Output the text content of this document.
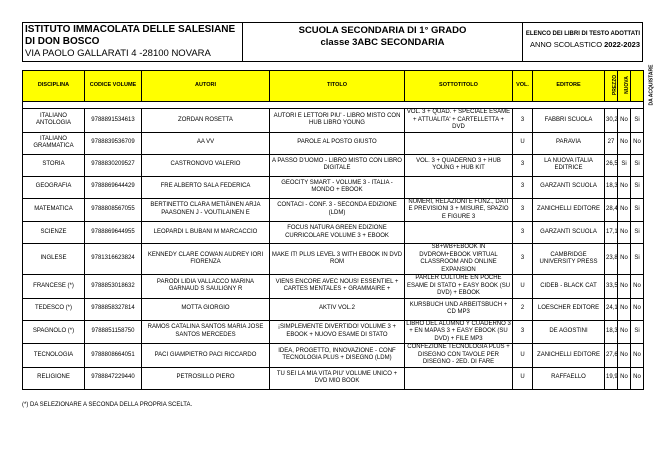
ISTITUTO IMMACOLATA DELLE SALESIANE
DI DON BOSCO
VIA PAOLO GALLARATI 4 -28100 NOVARA
SCUOLA SECONDARIA DI 1° GRADO
classe 3ABC SECONDARIA
ELENCO DEI LIBRI DI TESTO ADOTTATI
ANNO SCOLASTICO 2022-2023
DISCIPLINA	CODICE VOLUME	AUTORI	TITOLO	SOTTOTITOLO	VOL.	EDITORE	PREZZO	NUOVA	DA ACQUISTARE

ITALIANO ANTOLOGIA	9788891534613	ZORDAN ROSETTA	AUTORI E LETTORI PIU' - LIBRO MISTO CON HUB LIBRO YOUNG	VOL. 3 + QUAD. + SPECIALE ESAME + ATTUALITA' + CARTELLETTA + DVD	3	FABBRI SCUOLA	30,2	No	Si
ITALIANO GRAMMATICA	9788839536709	AA VV	PAROLE AL POSTO GIUSTO		U	PARAVIA	27	No	No
STORIA	9788830209527	CASTRONOVO VALERIO	A PASSO D'UOMO - LIBRO MISTO CON LIBRO DIGITALE	VOL. 3 + QUADERNO 3 + HUB YOUNG + HUB KIT	3	LA NUOVA ITALIA EDITRICE	26,5	Si	Si
GEOGRAFIA	9788869644429	FRE ALBERTO SALA FEDERICA	GEOCITY SMART - VOLUME 3 - ITALIA - MONDO + EBOOK		3	GARZANTI SCUOLA	18,3	No	Si
MATEMATICA	9788808567055	BERTINETTO CLARA METIÄINEN ARJA PAASONEN J - VOUTILAINEN E	CONTACI - CONF. 3 - SECONDA EDIZIONE (LDM)	NUMERI, RELAZIONI E FUNZ., DATI E PREVISIONI 3 + MISURE, SPAZIO E FIGURE 3	3	ZANICHELLI EDITORE	28,4	No	Si
SCIENZE	9788869644955	LEOPARDI L BUBANI M MARCACCIO	FOCUS NATURA GREEN EDIZIONE CURRICOLARE VOLUME 3 + EBOOK		3	GARZANTI SCUOLA	17,1	No	Si
INGLESE	9781316623824	KENNEDY CLARE COWAN AUDREY IORI FIORENZA	MAKE IT! PLUS LEVEL 3 WITH EBOOK IN DVD ROM	SB+WB+EBOOK IN DVDROM+EBOOK VIRTUAL CLASSROOM AND ONLINE EXPANSION	3	CAMBRIDGE UNIVERSITY PRESS	23,8	No	Si
FRANCESE (*)	9788853018632	PARODI LIDIA VALLACCO MARINA GARNAUD S SAULIGNY R	VIENS ENCORE AVEC NOUS! ESSENTIEL + CARTES MENTALES + GRAMMAIRE +	PARLER CULTURE EN POCHE ESAME DI STATO + EASY BOOK (SU DVD) + EBOOK	U	CIDEB - BLACK CAT	33,5	No	No
TEDESCO (*)	9788858327814	MOTTA GIORGIO	AKTIV VOL.2	KURSBUCH UND ARBEITSBUCH + CD MP3	2	LOESCHER EDITORE	24,1	No	No
SPAGNOLO (*)	9788851158750	RAMOS CATALINA SANTOS MARIA JOSE SANTOS MERCEDES	¡SIMPLEMENTE DIVERTIDO! VOLUME 3 + EBOOK + NUOVO ESAME DI STATO	LIBRO DEL ALUMNO Y CUADERNO 3 + EN MAPAS 3 + EASY EBOOK (SU DVD) + FILE MP3	3	DE AGOSTINI	18,3	No	Si
TECNOLOGIA	9788808664051	PACI GIAMPIETRO PACI RICCARDO	IDEA, PROGETTO, INNOVAZIONE - CONF TECNOLOGIA PLUS + DISEGNO (LDM)	CONFEZIONE TECNOLOGIA PLUS + DISEGNO CON TAVOLE PER DISEGNO - 2ED. DI FARE	U	ZANICHELLI EDITORE	27,6	No	No
RELIGIONE	9788847229440	PETROSILLO PIERO	TU SEI LA MIA VITA PIU' VOLUME UNICO + DVD MIO BOOK		U	RAFFAELLO	19,9	No	No
(*) DA SELEZIONARE A SECONDA DELLA PROPRIA SCELTA.
